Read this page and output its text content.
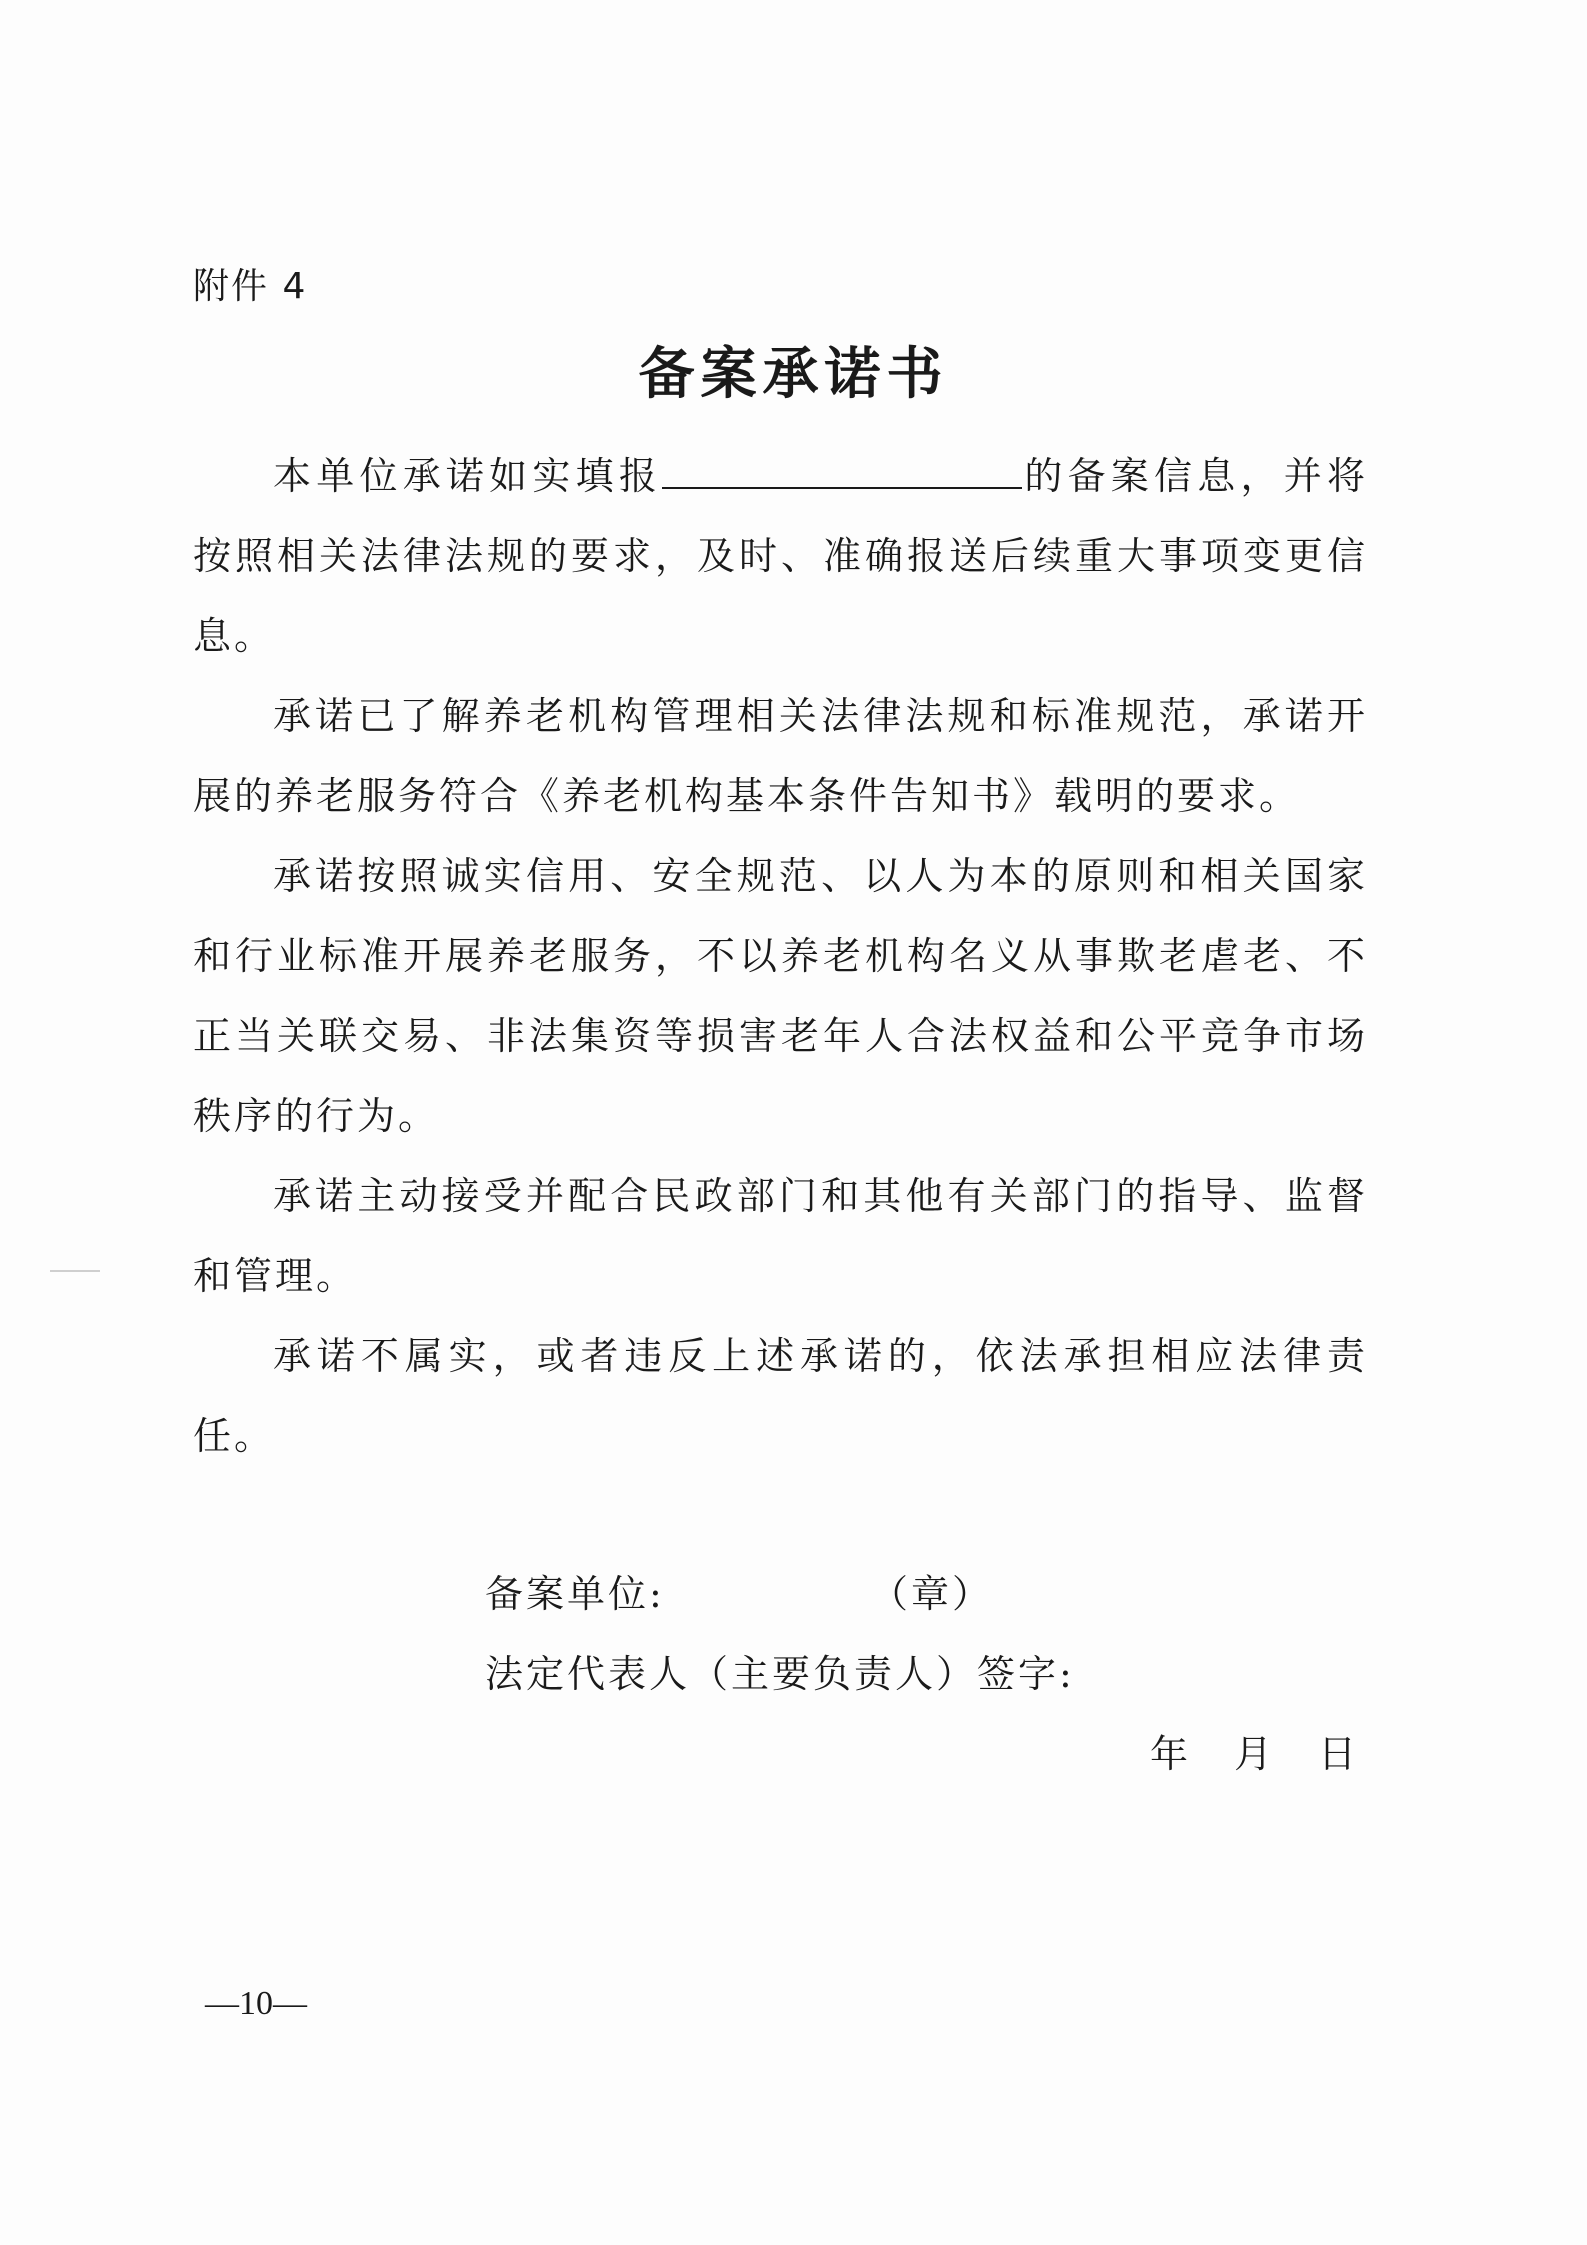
附件 4
备案承诺书

本单位承诺如实填报	的备案信息，并将按照相关法律法规的要求，及时、准确报送后续重大事项变更信息。

承诺已了解养老机构管理相关法律法规和标准规范，承诺开展的养老服务符合《养老机构基本条件告知书》载明的要求。

承诺按照诚实信用、安全规范、以人为本的原则和相关国家和行业标准开展养老服务，不以养老机构名义从事欺老虐老、不正当关联交易、非法集资等损害老年人合法权益和公平竞争市场秩序的行为。

承诺主动接受并配合民政部门和其他有关部门的指导、监督和管理。

承诺不属实，或者违反上述承诺的，依法承担相应法律责任。

备案单位:	（章）
法定代表人（主要负责人）签字:
年 月 日
—10—
